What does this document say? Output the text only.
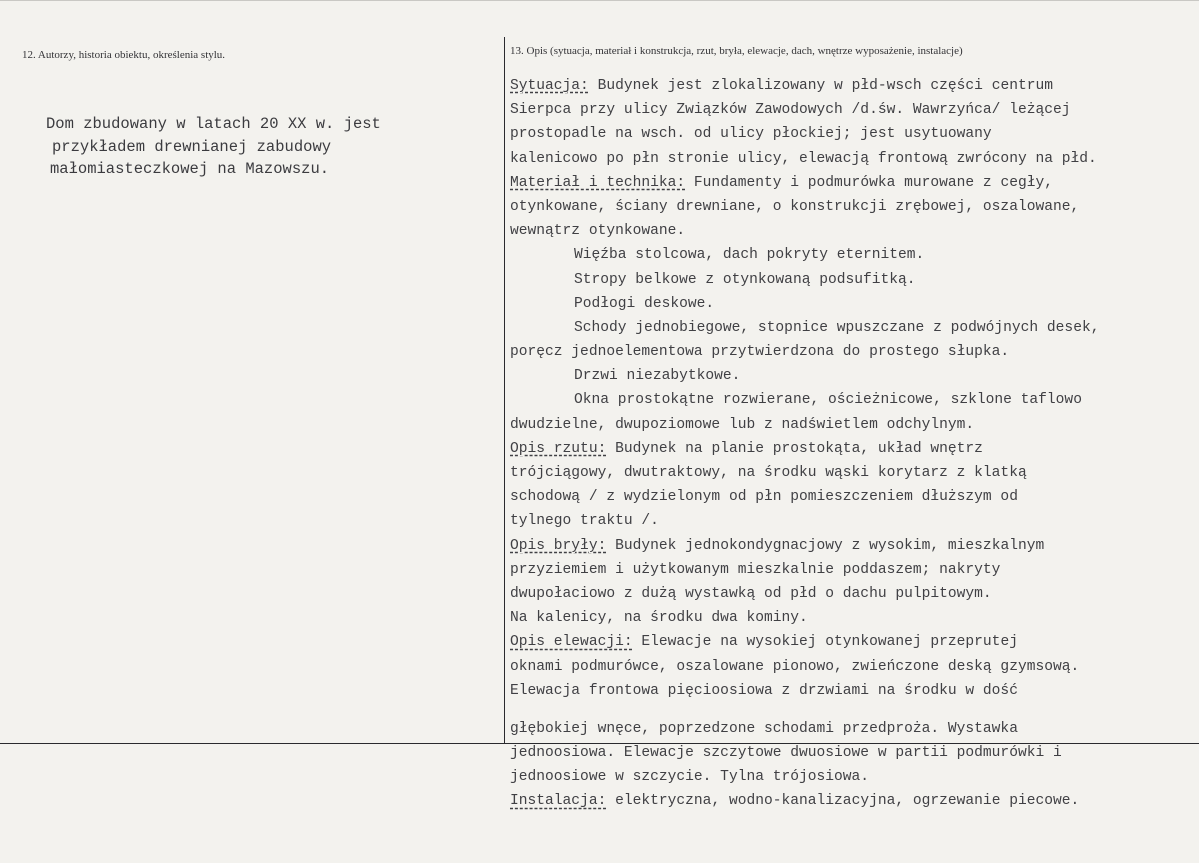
12. Autorzy, historia obiektu, określenia stylu.	13. Opis (sytuacja, materiał i konstrukcja, rzut, bryła, elewacje, dach, wnętrze wyposażenie, instalacje)
Dom zbudowany w latach 20 XX w. jest
przykładem drewnianej zabudowy
małomiasteczkowej na Mazowszu.
Sytuacja: Budynek jest zlokalizowany w płd-wsch części centrum
Sierpca przy ulicy Związków Zawodowych /d.św. Wawrzyńca/ leżącej
prostopadle na wsch. od ulicy płockiej; jest usytuowany
kalenicowo po płn stronie ulicy, elewacją frontową zwrócony na płd.
Materiał i technika: Fundamenty i podmurówka murowane z cegły,
otynkowane, ściany drewniane, o konstrukcji zrębowej, oszalowane,
wewnątrz otynkowane.
Więźba stolcowa, dach pokryty eternitem.
Stropy belkowe z otynkowaną podsufitką.
Podłogi deskowe.
Schody jednobiegowe, stopnice wpuszczane z podwójnych desek,
poręcz jednoelementowa przytwierdzona do prostego słupka.
Drzwi niezabytkowe.
Okna prostokątne rozwierane, ościeżnicowe, szklone taflowo
dwudzielne, dwupoziomowe lub z nadświetlem odchylnym.
Opis rzutu: Budynek na planie prostokąta, układ wnętrz
trójciągowy, dwutraktowy, na środku wąski korytarz z klatką
schodową / z wydzielonym od płn pomieszczeniem dłuższym od
tylnego traktu /.
Opis bryły: Budynek jednokondygnacjowy z wysokim, mieszkalnym
przyziemiem i użytkowanym mieszkalnie poddaszem; nakryty
dwupołaciowo z dużą wystawką od płd o dachu pulpitowym.
Na kalenicy, na środku dwa kominy.
Opis elewacji: Elewacje na wysokiej otynkowanej przeprutej
oknami podmurówce, oszalowane pionowo, zwieńczone deską gzymsową.
Elewacja frontowa pięcioosiowa z drzwiami na środku w dość
głębokiej wnęce, poprzedzone schodami przedproża. Wystawka
jednoosiowa. Elewacje szczytowe dwuosiowe w partii podmurówki i
jednoosiowe w szczycie. Tylna trójosiowa.
Instalacja: elektryczna, wodno-kanalizacyjna, ogrzewanie piecowe.
